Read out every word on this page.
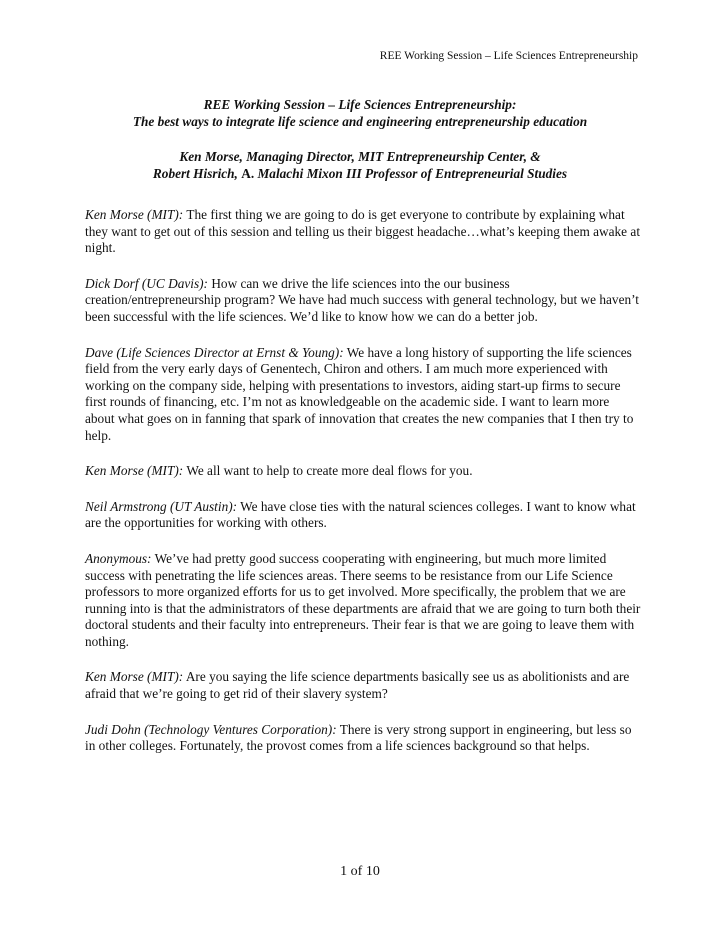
REE Working Session – Life Sciences Entrepreneurship
REE Working Session – Life Sciences Entrepreneurship:
The best ways to integrate life science and engineering entrepreneurship education
Ken Morse, Managing Director, MIT Entrepreneurship Center, &
Robert Hisrich, A. Malachi Mixon III Professor of Entrepreneurial Studies

Ken Morse (MIT): The first thing we are going to do is get everyone to contribute by explaining what they want to get out of this session and telling us their biggest headache…what’s keeping them awake at night.

Dick Dorf (UC Davis): How can we drive the life sciences into the our business creation/entrepreneurship program? We have had much success with general technology, but we haven’t been successful with the life sciences. We’d like to know how we can do a better job.

Dave (Life Sciences Director at Ernst & Young): We have a long history of supporting the life sciences field from the very early days of Genentech, Chiron and others. I am much more experienced with working on the company side, helping with presentations to investors, aiding start-up firms to secure first rounds of financing, etc. I’m not as knowledgeable on the academic side. I want to learn more about what goes on in fanning that spark of innovation that creates the new companies that I then try to help.

Ken Morse (MIT): We all want to help to create more deal flows for you.

Neil Armstrong (UT Austin): We have close ties with the natural sciences colleges. I want to know what are the opportunities for working with others.

Anonymous: We’ve had pretty good success cooperating with engineering, but much more limited success with penetrating the life sciences areas. There seems to be resistance from our Life Science professors to more organized efforts for us to get involved. More specifically, the problem that we are running into is that the administrators of these departments are afraid that we are going to turn both their doctoral students and their faculty into entrepreneurs. Their fear is that we are going to leave them with nothing.

Ken Morse (MIT): Are you saying the life science departments basically see us as abolitionists and are afraid that we’re going to get rid of their slavery system?

Judi Dohn (Technology Ventures Corporation): There is very strong support in engineering, but less so in other colleges. Fortunately, the provost comes from a life sciences background so that helps.

1 of 10
